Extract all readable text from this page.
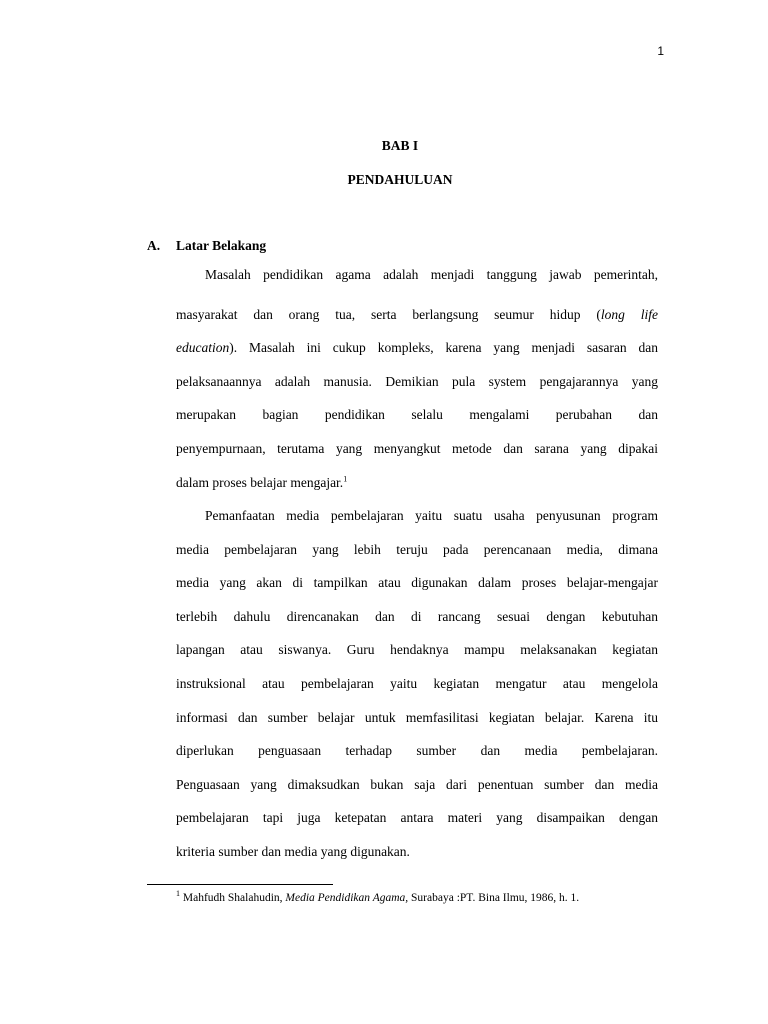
1
BAB I
PENDAHULUAN
A. Latar Belakang
Masalah pendidikan agama adalah menjadi tanggung jawab pemerintah,
masyarakat dan orang tua, serta berlangsung seumur hidup (long life
education). Masalah ini cukup kompleks, karena yang menjadi sasaran dan
pelaksanaannya adalah manusia. Demikian pula system pengajarannya yang
merupakan bagian pendidikan selalu mengalami perubahan dan
penyempurnaan, terutama yang menyangkut metode dan sarana yang dipakai
dalam proses belajar mengajar.$^1$
Pemanfaatan media pembelajaran yaitu suatu usaha penyusunan program
media pembelajaran yang lebih teruju pada perencanaan media, dimana
media yang akan di tampilkan atau digunakan dalam proses belajar-mengajar
terlebih dahulu direncanakan dan di rancang sesuai dengan kebutuhan
lapangan atau siswanya. Guru hendaknya mampu melaksanakan kegiatan
instruksional atau pembelajaran yaitu kegiatan mengatur atau mengelola
informasi dan sumber belajar untuk memfasilitasi kegiatan belajar. Karena itu
diperlukan penguasaan terhadap sumber dan media pembelajaran.
Penguasaan yang dimaksudkan bukan saja dari penentuan sumber dan media
pembelajaran tapi juga ketepatan antara materi yang disampaikan dengan
kriteria sumber dan media yang digunakan.
$^1$ Mahfudh Shalahudin, Media Pendidikan Agama, Surabaya :PT. Bina Ilmu, 1986, h. 1.
